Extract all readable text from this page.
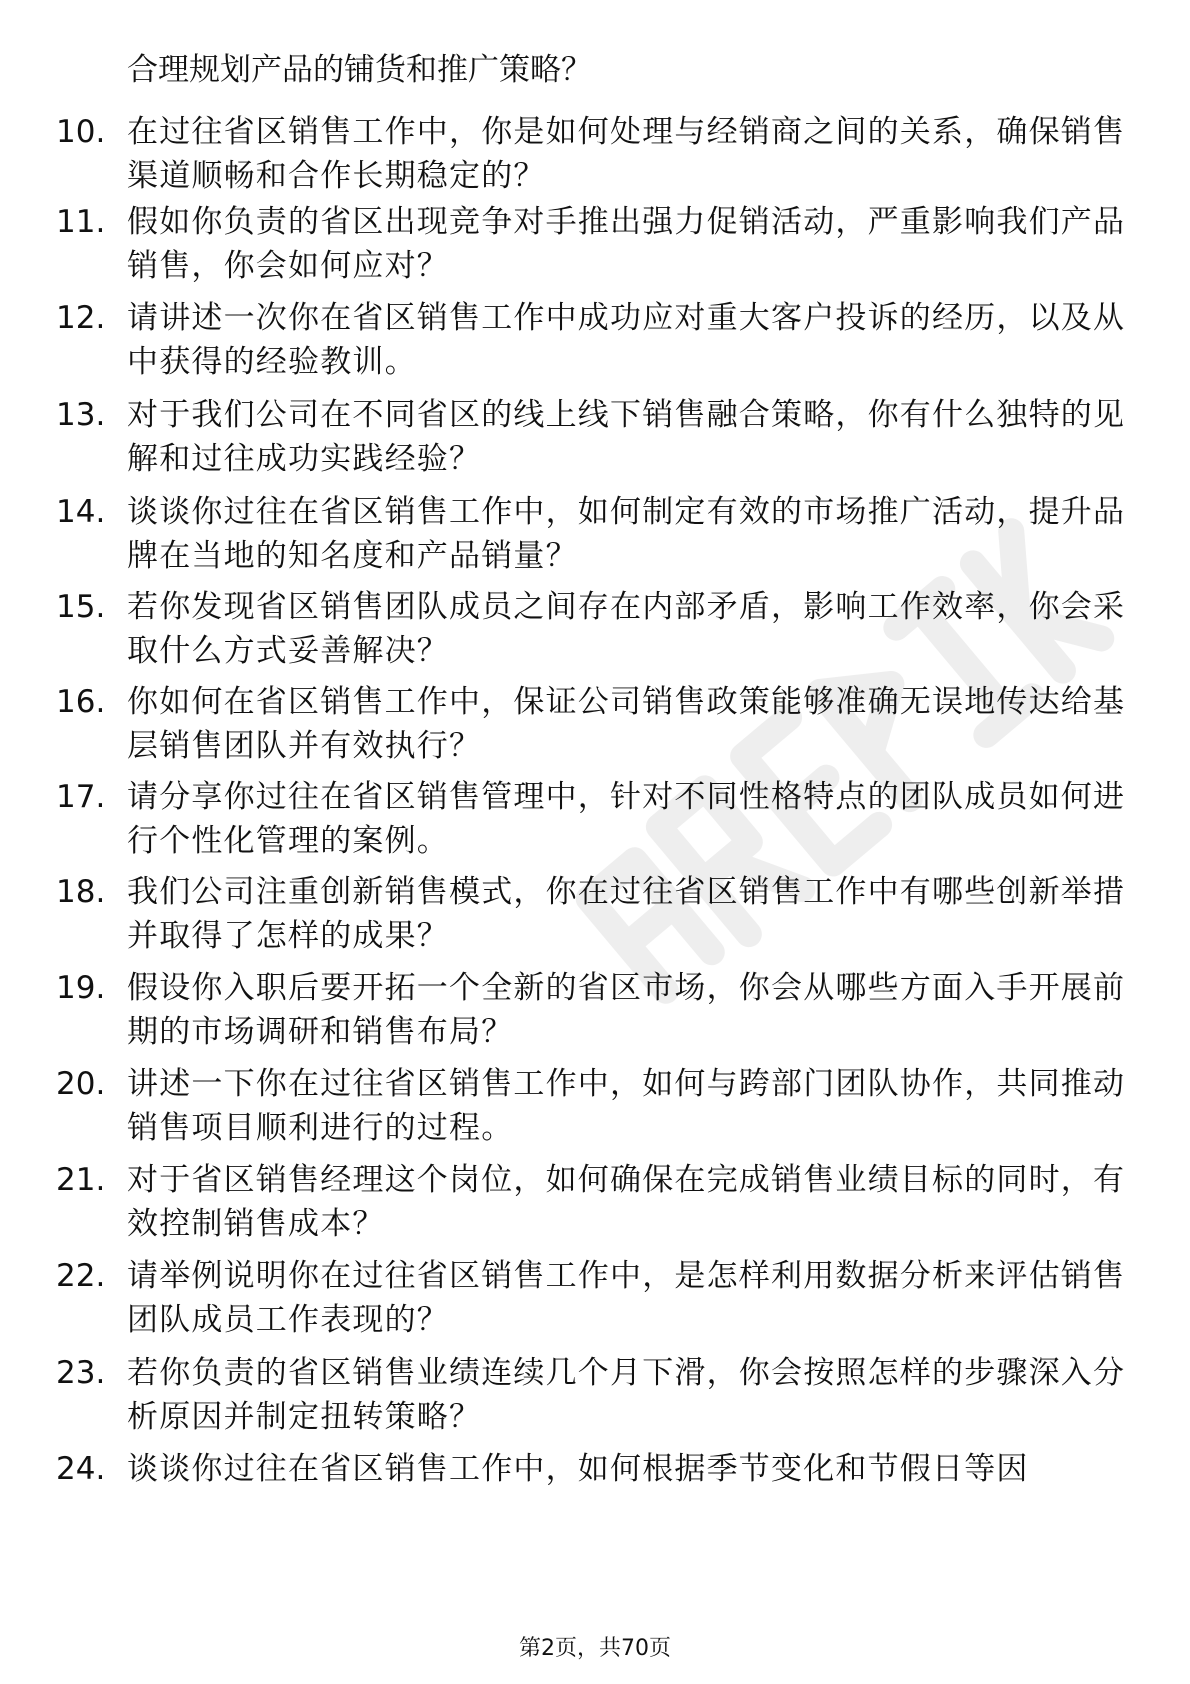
合理规划产品的铺货和推广策略？
10. 在过往省区销售工作中，你是如何处理与经销商之间的关系，确保销售渠道顺畅和合作长期稳定的？
11. 假如你负责的省区出现竞争对手推出强力促销活动，严重影响我们产品销售，你会如何应对？
12. 请讲述一次你在省区销售工作中成功应对重大客户投诉的经历，以及从中获得的经验教训。
13. 对于我们公司在不同省区的线上线下销售融合策略，你有什么独特的见解和过往成功实践经验？
14. 谈谈你过往在省区销售工作中，如何制定有效的市场推广活动，提升品牌在当地的知名度和产品销量？
15. 若你发现省区销售团队成员之间存在内部矛盾，影响工作效率，你会采取什么方式妥善解决？
16. 你如何在省区销售工作中，保证公司销售政策能够准确无误地传达给基层销售团队并有效执行？
17. 请分享你过往在省区销售管理中，针对不同性格特点的团队成员如何进行个性化管理的案例。
18. 我们公司注重创新销售模式，你在过往省区销售工作中有哪些创新举措并取得了怎样的成果？
19. 假设你入职后要开拓一个全新的省区市场，你会从哪些方面入手开展前期的市场调研和销售布局？
20. 讲述一下你在过往省区销售工作中，如何与跨部门团队协作，共同推动销售项目顺利进行的过程。
21. 对于省区销售经理这个岗位，如何确保在完成销售业绩目标的同时，有效控制销售成本？
22. 请举例说明你在过往省区销售工作中，是怎样利用数据分析来评估销售团队成员工作表现的？
23. 若你负责的省区销售业绩连续几个月下滑，你会按照怎样的步骤深入分析原因并制定扭转策略？
24. 谈谈你过往在省区销售工作中，如何根据季节变化和节假日等因
第2页，共70页
